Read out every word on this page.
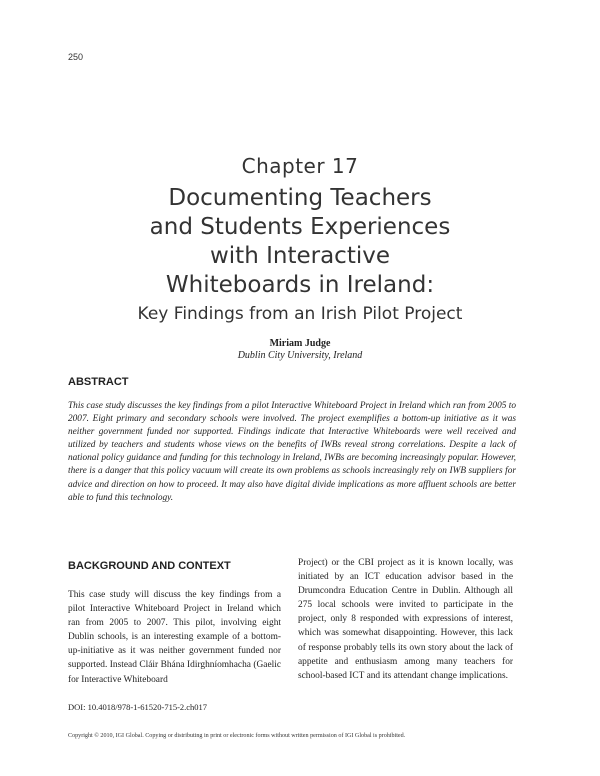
250
Chapter 17
Documenting Teachers
and Students Experiences
with Interactive
Whiteboards in Ireland:
Key Findings from an Irish Pilot Project
Miriam Judge
Dublin City University, Ireland
ABSTRACT
This case study discusses the key findings from a pilot Interactive Whiteboard Project in Ireland which ran from 2005 to 2007. Eight primary and secondary schools were involved. The project exemplifies a bottom-up initiative as it was neither government funded nor supported. Findings indicate that Interactive Whiteboards were well received and utilized by teachers and students whose views on the benefits of IWBs reveal strong correlations. Despite a lack of national policy guidance and funding for this technology in Ireland, IWBs are becoming increasingly popular. However, there is a danger that this policy vacuum will create its own problems as schools increasingly rely on IWB suppliers for advice and direction on how to proceed. It may also have digital divide implications as more affluent schools are better able to fund this technology.
BACKGROUND AND CONTEXT
This case study will discuss the key findings from a pilot Interactive Whiteboard Project in Ireland which ran from 2005 to 2007. This pilot, involving eight Dublin schools, is an interesting example of a bottom-up-initiative as it was neither government funded nor supported. Instead Cláir Bhána Idirghníomhacha (Gaelic for Interactive Whiteboard
Project) or the CBI project as it is known locally, was initiated by an ICT education advisor based in the Drumcondra Education Centre in Dublin. Although all 275 local schools were invited to participate in the project, only 8 responded with expressions of interest, which was somewhat disappointing. However, this lack of response probably tells its own story about the lack of appetite and enthusiasm among many teachers for school-based ICT and its attendant change implications.
DOI: 10.4018/978-1-61520-715-2.ch017
Copyright © 2010, IGI Global. Copying or distributing in print or electronic forms without written permission of IGI Global is prohibited.
